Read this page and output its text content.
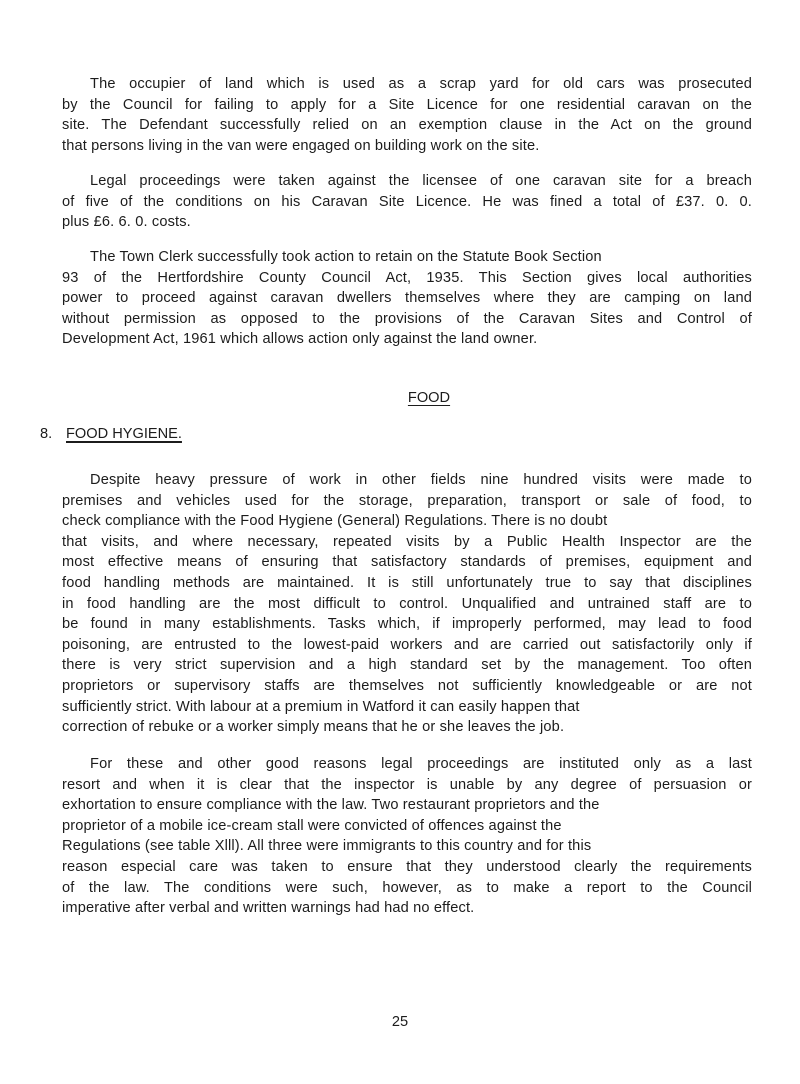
The occupier of land which is used as a scrap yard for old cars was prosecuted
by the Council for failing to apply for a Site Licence for one residential caravan on the
site. The Defendant successfully relied on an exemption clause in the Act on the ground
that persons living in the van were engaged on building work on the site.
Legal proceedings were taken against the licensee of one caravan site for a breach
of five of the conditions on his Caravan Site Licence. He was fined a total of £37. 0. 0.
plus £6. 6. 0. costs.
The Town Clerk successfully took action to retain on the Statute Book Section
93 of the Hertfordshire County Council Act, 1935. This Section gives local authorities
power to proceed against caravan dwellers themselves where they are camping on land
without permission as opposed to the provisions of the Caravan Sites and Control of
Development Act, 1961 which allows action only against the land owner.
FOOD
8. FOOD HYGIENE.
Despite heavy pressure of work in other fields nine hundred visits were made to
premises and vehicles used for the storage, preparation, transport or sale of food, to
check compliance with the Food Hygiene (General) Regulations. There is no doubt
that visits, and where necessary, repeated visits by a Public Health Inspector are the
most effective means of ensuring that satisfactory standards of premises, equipment and
food handling methods are maintained. It is still unfortunately true to say that disciplines
in food handling are the most difficult to control. Unqualified and untrained staff are to
be found in many establishments. Tasks which, if improperly performed, may lead to food
poisoning, are entrusted to the lowest-paid workers and are carried out satisfactorily only if
there is very strict supervision and a high standard set by the management. Too often
proprietors or supervisory staffs are themselves not sufficiently knowledgeable or are not
sufficiently strict. With labour at a premium in Watford it can easily happen that
correction of rebuke or a worker simply means that he or she leaves the job.
For these and other good reasons legal proceedings are instituted only as a last
resort and when it is clear that the inspector is unable by any degree of persuasion or
exhortation to ensure compliance with the law. Two restaurant proprietors and the
proprietor of a mobile ice-cream stall were convicted of offences against the
Regulations (see table Xlll). All three were immigrants to this country and for this
reason especial care was taken to ensure that they understood clearly the requirements
of the law. The conditions were such, however, as to make a report to the Council
imperative after verbal and written warnings had had no effect.
25
